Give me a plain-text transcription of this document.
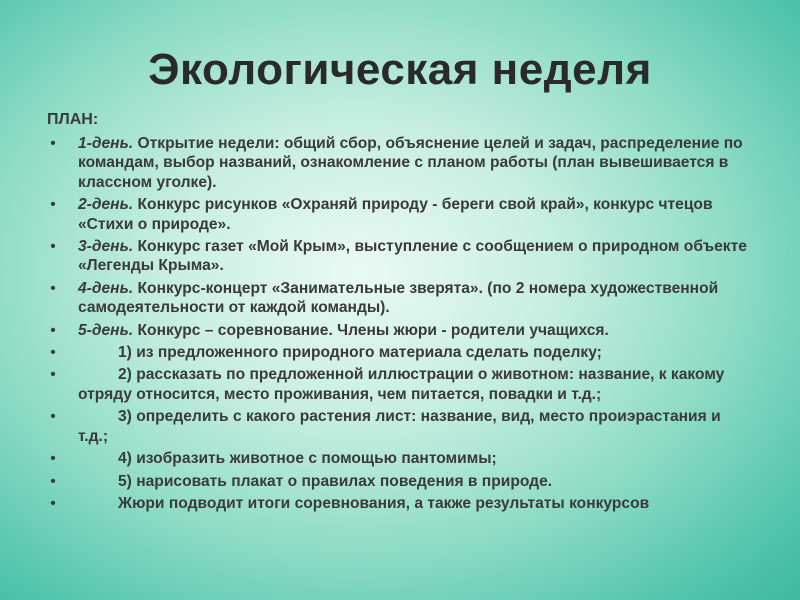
Экологическая неделя
ПЛАН:
• 1-день. Открытие недели: общий сбор, объяснение целей и задач, распределение по командам, выбор названий, ознакомление с планом работы (план вывешивается в классном уголке).
• 2-день. Конкурс рисунков «Охраняй природу - береги свой край», конкурс чтецов «Стихи о природе».
• 3-день. Конкурс газет «Мой Крым», выступление с сообщением о природном объекте «Легенды Крыма».
• 4-день. Конкурс-концерт «Занимательные зверята». (по 2 номера художественной самодеятельности от каждой команды).
• 5-день. Конкурс – соревнование. Члены жюри - родители учащихся.
•	1) из предложенного природного материала сделать поделку;
•	2) рассказать по предложенной иллюстрации о животном: название, к какому отряду относится, место проживания, чем питается, повадки и т.д.;
•	3) определить с какого растения лист: название, вид, место проиэрастания и т.д.;
•	4) изобразить животное с помощью пантомимы;
•	5) нарисовать плакат о правилах поведения в природе.
•	Жюри подводит итоги соревнования, а также результаты конкурсов
